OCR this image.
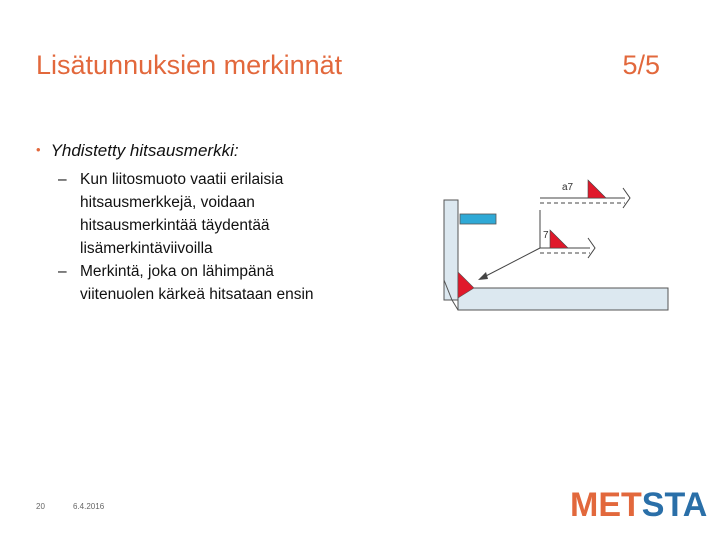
Lisätunnuksien merkinnät	5/5
• Yhdistetty hitsausmerkki:
– Kun liitosmuoto vaatii erilaisia hitsausmerkkejä, voidaan hitsausmerkintää täydentää lisämerkintäviivoilla
– Merkintä, joka on lähimpänä viitenuolen kärkeä hitsataan ensin
a7
7
20	6.4.2016	METSTA
